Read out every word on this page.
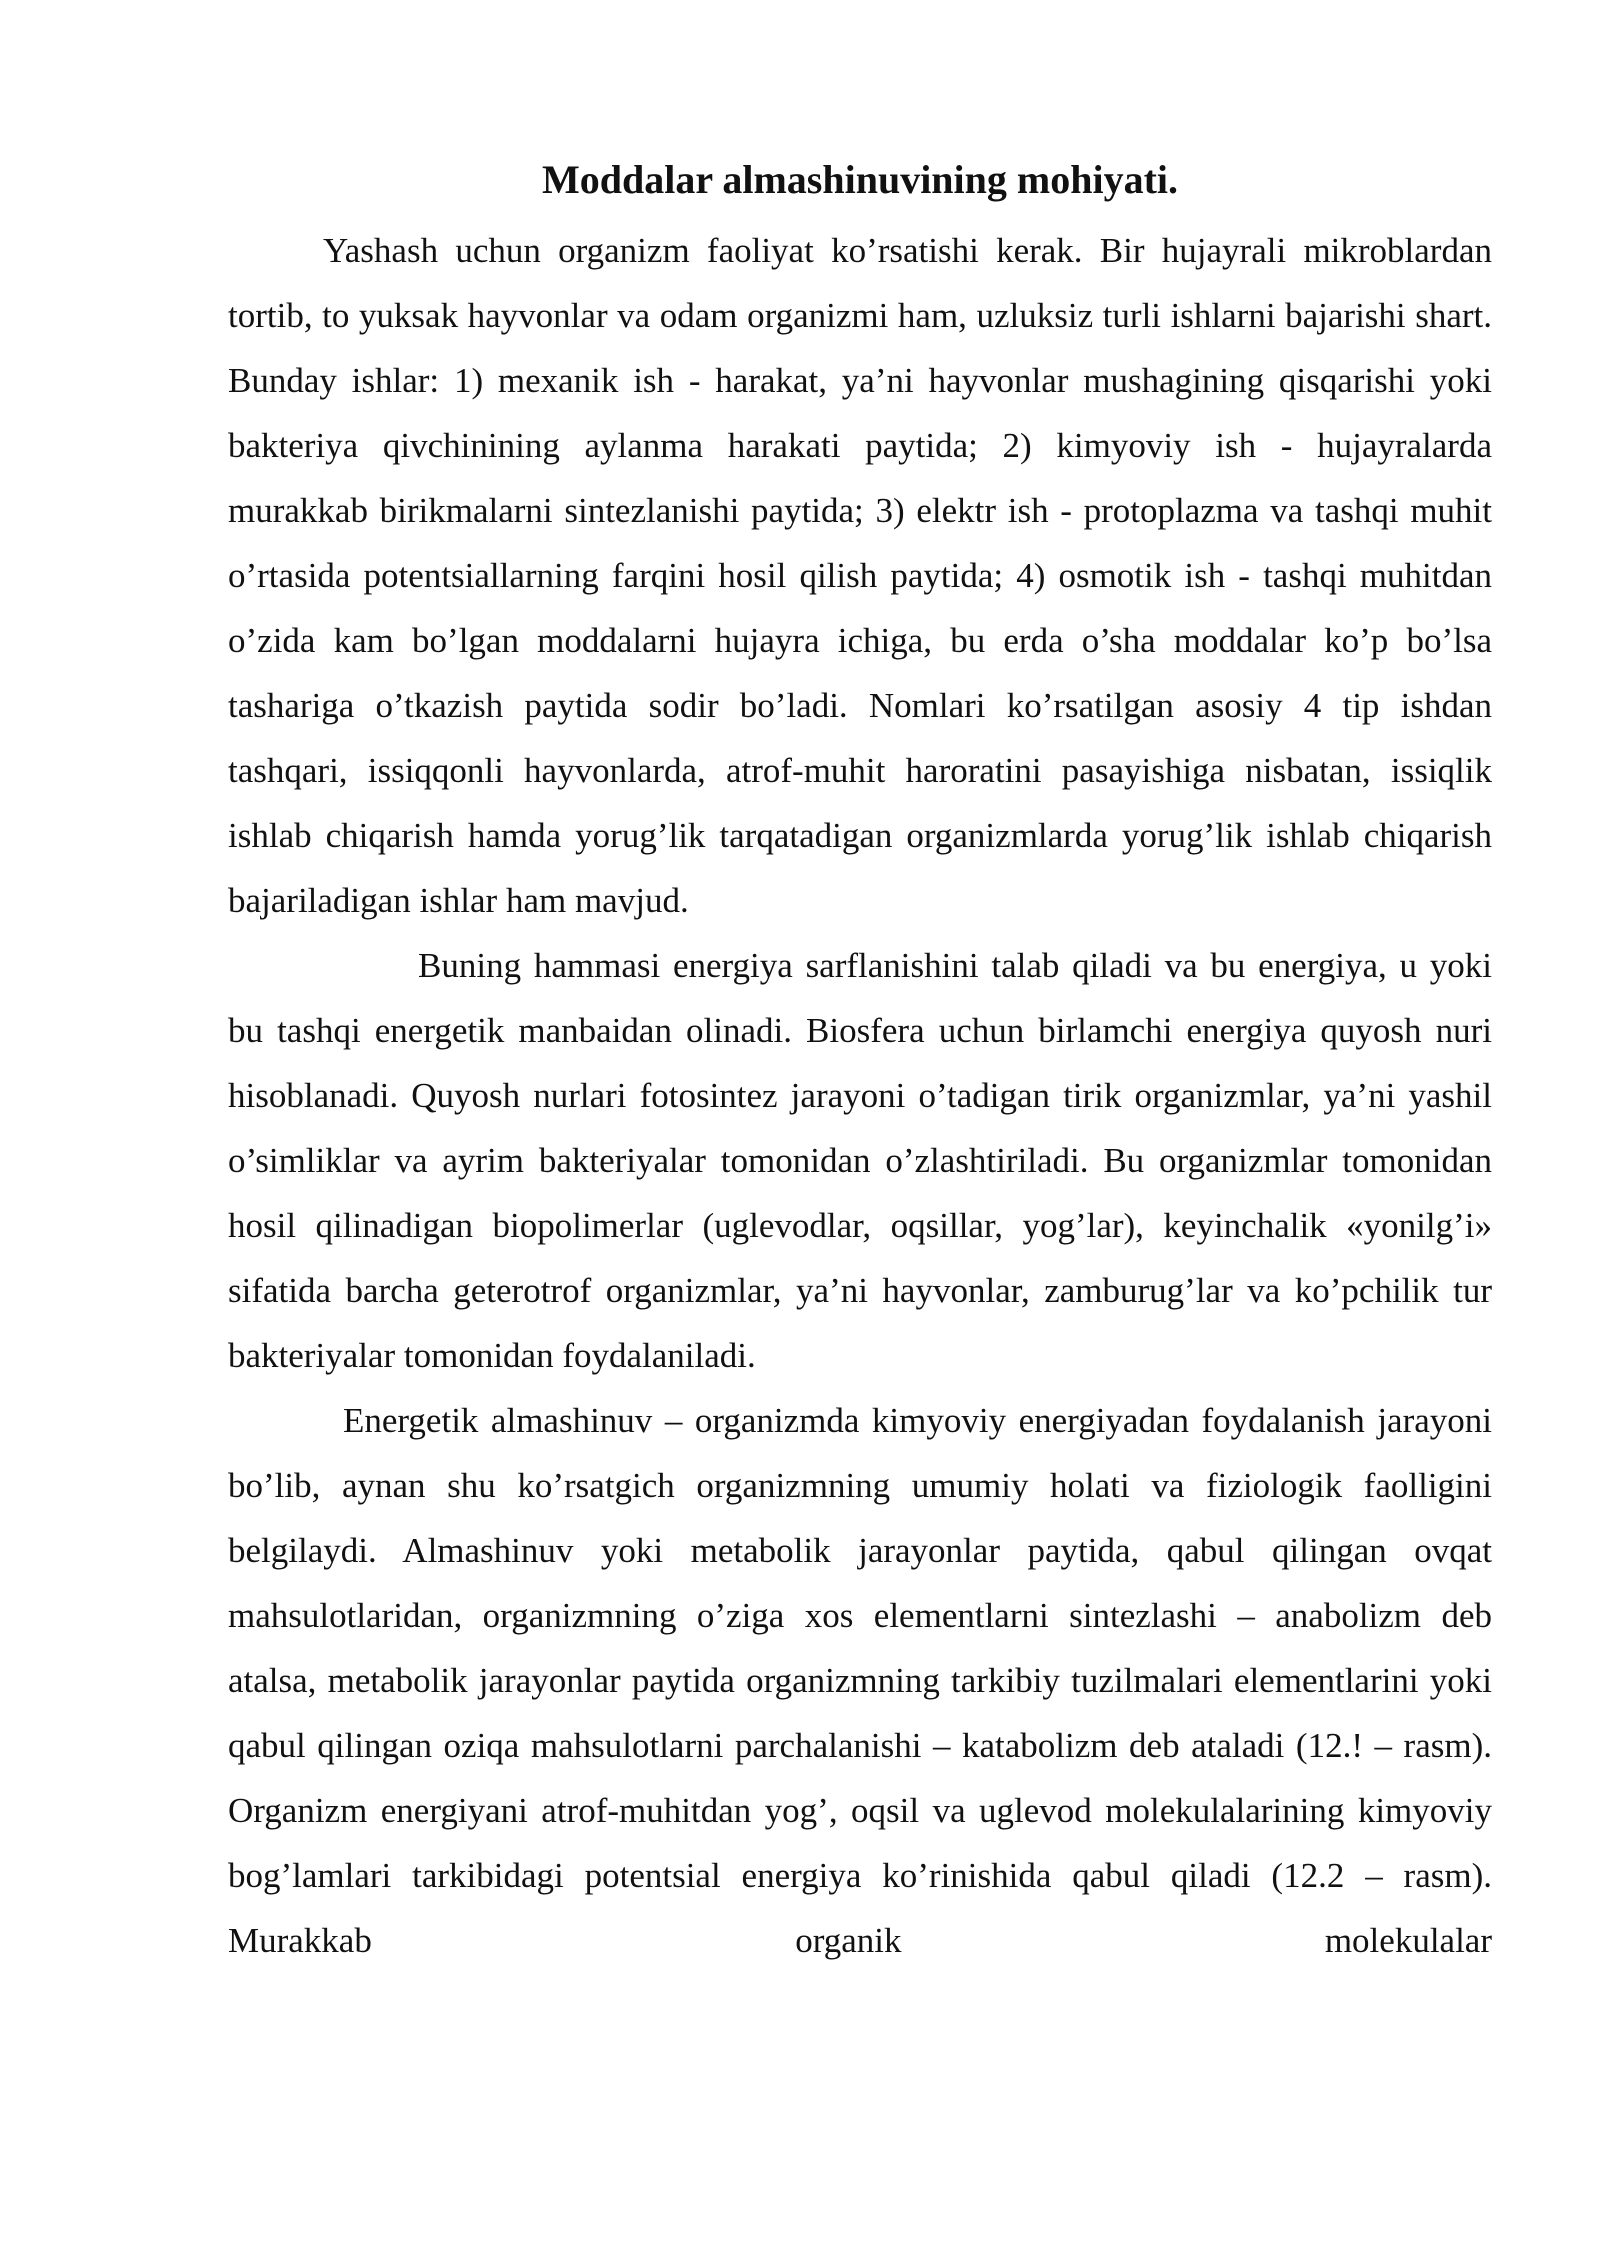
Moddalar almashinuvining mohiyati.

Yashash uchun organizm faoliyat ko’rsatishi kerak. Bir hujayrali mikroblardan tortib, to yuksak hayvonlar va odam organizmi ham, uzluksiz turli ishlarni bajarishi shart. Bunday ishlar: 1) mexanik ish - harakat, ya’ni hayvonlar mushagining qisqarishi yoki bakteriya qivchinining aylanma harakati paytida; 2) kimyoviy ish - hujayralarda murakkab birikmalarni sintezlanishi paytida; 3) elektr ish - protoplazma va tashqi muhit o’rtasida potentsiallarning farqini hosil qilish paytida; 4) osmotik ish - tashqi muhitdan o’zida kam bo’lgan moddalarni hujayra ichiga, bu erda o’sha moddalar ko’p bo’lsa tashariga o’tkazish paytida sodir bo’ladi. Nomlari ko’rsatilgan asosiy 4 tip ishdan tashqari, issiqqonli hayvonlarda, atrof-muhit haroratini pasayishiga nisbatan, issiqlik ishlab chiqarish hamda yorug’lik tarqatadigan organizmlarda yorug’lik ishlab chiqarish bajariladigan ishlar ham mavjud.

Buning hammasi energiya sarflanishini talab qiladi va bu energiya, u yoki bu tashqi energetik manbaidan olinadi. Biosfera uchun birlamchi energiya quyosh nuri hisoblanadi. Quyosh nurlari fotosintez jarayoni o’tadigan tirik organizmlar, ya’ni yashil o’simliklar va ayrim bakteriyalar tomonidan o’zlashtiriladi. Bu organizmlar tomonidan hosil qilinadigan biopolimerlar (uglevodlar, oqsillar, yog’lar), keyinchalik «yonilg’i» sifatida barcha geterotrof organizmlar, ya’ni hayvonlar, zamburug’lar va ko’pchilik tur bakteriyalar tomonidan foydalaniladi.

Energetik almashinuv – organizmda kimyoviy energiyadan foydalanish jarayoni bo’lib, aynan shu ko’rsatgich organizmning umumiy holati va fiziologik faolligini belgilaydi. Almashinuv yoki metabolik jarayonlar paytida, qabul qilingan ovqat mahsulotlaridan, organizmning o’ziga xos elementlarni sintezlashi – anabolizm deb atalsa, metabolik jarayonlar paytida organizmning tarkibiy tuzilmalari elementlarini yoki qabul qilingan oziqa mahsulotlarni parchalanishi – katabolizm deb ataladi (12.! – rasm). Organizm energiyani atrof-muhitdan yog’, oqsil va uglevod molekulalarining kimyoviy bog’lamlari tarkibidagi potentsial energiya ko’rinishida qabul qiladi (12.2 – rasm). Murakkab organik molekulalar
